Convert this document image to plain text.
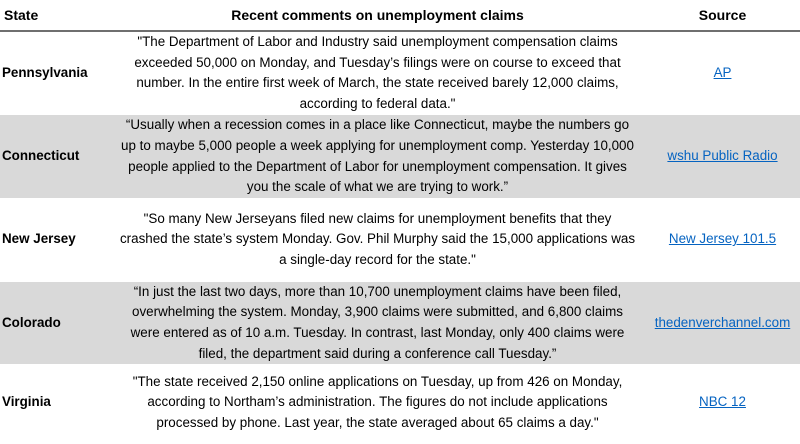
State	Recent comments on unemployment claims	Source
Pennsylvania	"The Department of Labor and Industry said unemployment compensation claims exceeded 50,000 on Monday, and Tuesday’s filings were on course to exceed that number. In the entire first week of March, the state received barely 12,000 claims, according to federal data."	AP
Connecticut	“Usually when a recession comes in a place like Connecticut, maybe the numbers go up to maybe 5,000 people a week applying for unemployment comp. Yesterday 10,000 people applied to the Department of Labor for unemployment compensation. It gives you the scale of what we are trying to work.”	wshu Public Radio
New Jersey	"So many New Jerseyans filed new claims for unemployment benefits that they crashed the state’s system Monday. Gov. Phil Murphy said the 15,000 applications was a single-day record for the state."	New Jersey 101.5
Colorado	“In just the last two days, more than 10,700 unemployment claims have been filed, overwhelming the system. Monday, 3,900 claims were submitted, and 6,800 claims were entered as of 10 a.m. Tuesday. In contrast, last Monday, only 400 claims were filed, the department said during a conference call Tuesday.”	thedenverchannel.com
Virginia	"The state received 2,150 online applications on Tuesday, up from 426 on Monday, according to Northam’s administration. The figures do not include applications processed by phone. Last year, the state averaged about 65 claims a day."	NBC 12
